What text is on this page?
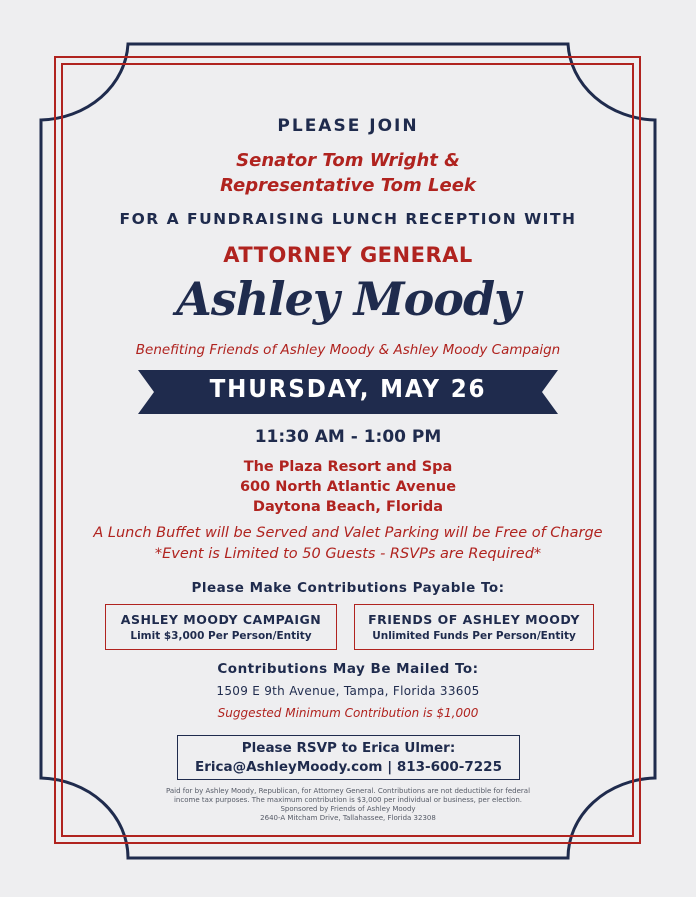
PLEASE JOIN

Senator Tom Wright &
Representative Tom Leek

FOR A FUNDRAISING LUNCH RECEPTION WITH

ATTORNEY GENERAL

Ashley Moody

Benefiting Friends of Ashley Moody & Ashley Moody Campaign

THURSDAY, MAY 26

11:30 AM - 1:00 PM

The Plaza Resort and Spa
600 North Atlantic Avenue
Daytona Beach, Florida
A Lunch Buffet will be Served and Valet Parking will be Free of Charge
*Event is Limited to 50 Guests - RSVPs are Required*

Please Make Contributions Payable To:

ASHLEY MOODY CAMPAIGN
Limit $3,000 Per Person/Entity
FRIENDS OF ASHLEY MOODY
Unlimited Funds Per Person/Entity

Contributions May Be Mailed To:

1509 E 9th Avenue, Tampa, Florida 33605

Suggested Minimum Contribution is $1,000

Please RSVP to Erica Ulmer:
Erica@AshleyMoody.com | 813-600-7225
Paid for by Ashley Moody, Republican, for Attorney General. Contributions are not deductible for federal
income tax purposes. The maximum contribution is $3,000 per individual or business, per election.
Sponsored by Friends of Ashley Moody
2640-A Mitcham Drive, Tallahassee, Florida 32308
